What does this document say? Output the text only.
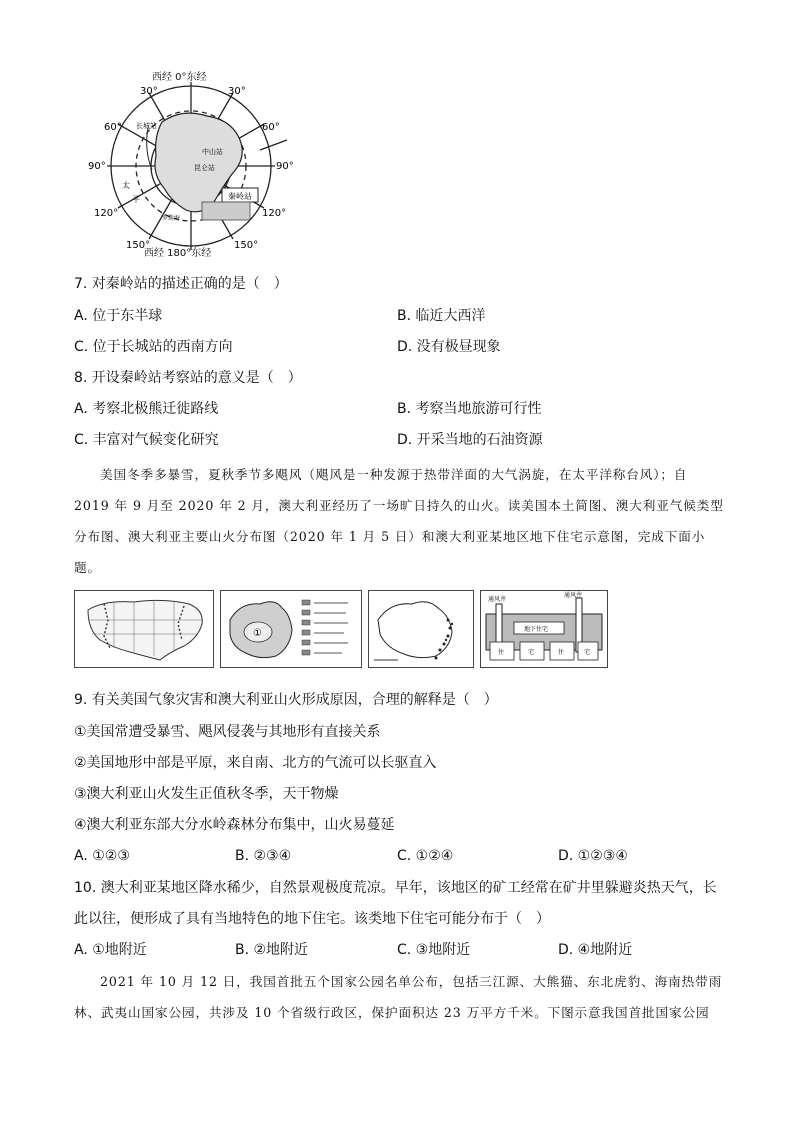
西经 0°东经
西经 180°东经
30°	30°
60°	60°
90°	90°
120°	120°
150°	150°
长城站
中山站
昆仑站
秦岭站
太
平
罗斯海
7. 对秦岭站的描述正确的是（　）
A. 位于东半球	B. 临近大西洋
C. 位于长城站的西南方向	D. 没有极昼现象
8. 开设秦岭站考察站的意义是（　）
A. 考察北极熊迁徙路线	B. 考察当地旅游可行性
C. 丰富对气候变化研究	D. 开采当地的石油资源
美国冬季多暴雪，夏秋季节多飓风（飓风是一种发源于热带洋面的大气涡旋，在太平洋称台风）；自
2019 年 9 月至 2020 年 2 月，澳大利亚经历了一场旷日持久的山火。读美国本土简图、澳大利亚气候类型
分布图、澳大利亚主要山火分布图（2020 年 1 月 5 日）和澳大利亚某地区地下住宅示意图，完成下面小
题。
①
通风井
通风井
地下住宅
住	宅	住	宅
9. 有关美国气象灾害和澳大利亚山火形成原因，合理的解释是（　）
①美国常遭受暴雪、飓风侵袭与其地形有直接关系
②美国地形中部是平原，来自南、北方的气流可以长驱直入
③澳大利亚山火发生正值秋冬季，天干物燥
④澳大利亚东部大分水岭森林分布集中，山火易蔓延
A. ①②③	B. ②③④	C. ①②④	D. ①②③④
10. 澳大利亚某地区降水稀少，自然景观极度荒凉。早年，该地区的矿工经常在矿井里躲避炎热天气，长
此以往，便形成了具有当地特色的地下住宅。该类地下住宅可能分布于（　）
A. ①地附近	B. ②地附近	C. ③地附近	D. ④地附近
2021 年 10 月 12 日，我国首批五个国家公园名单公布，包括三江源、大熊猫、东北虎豹、海南热带雨
林、武夷山国家公园，共涉及 10 个省级行政区，保护面积达 23 万平方千米。下图示意我国首批国家公园
